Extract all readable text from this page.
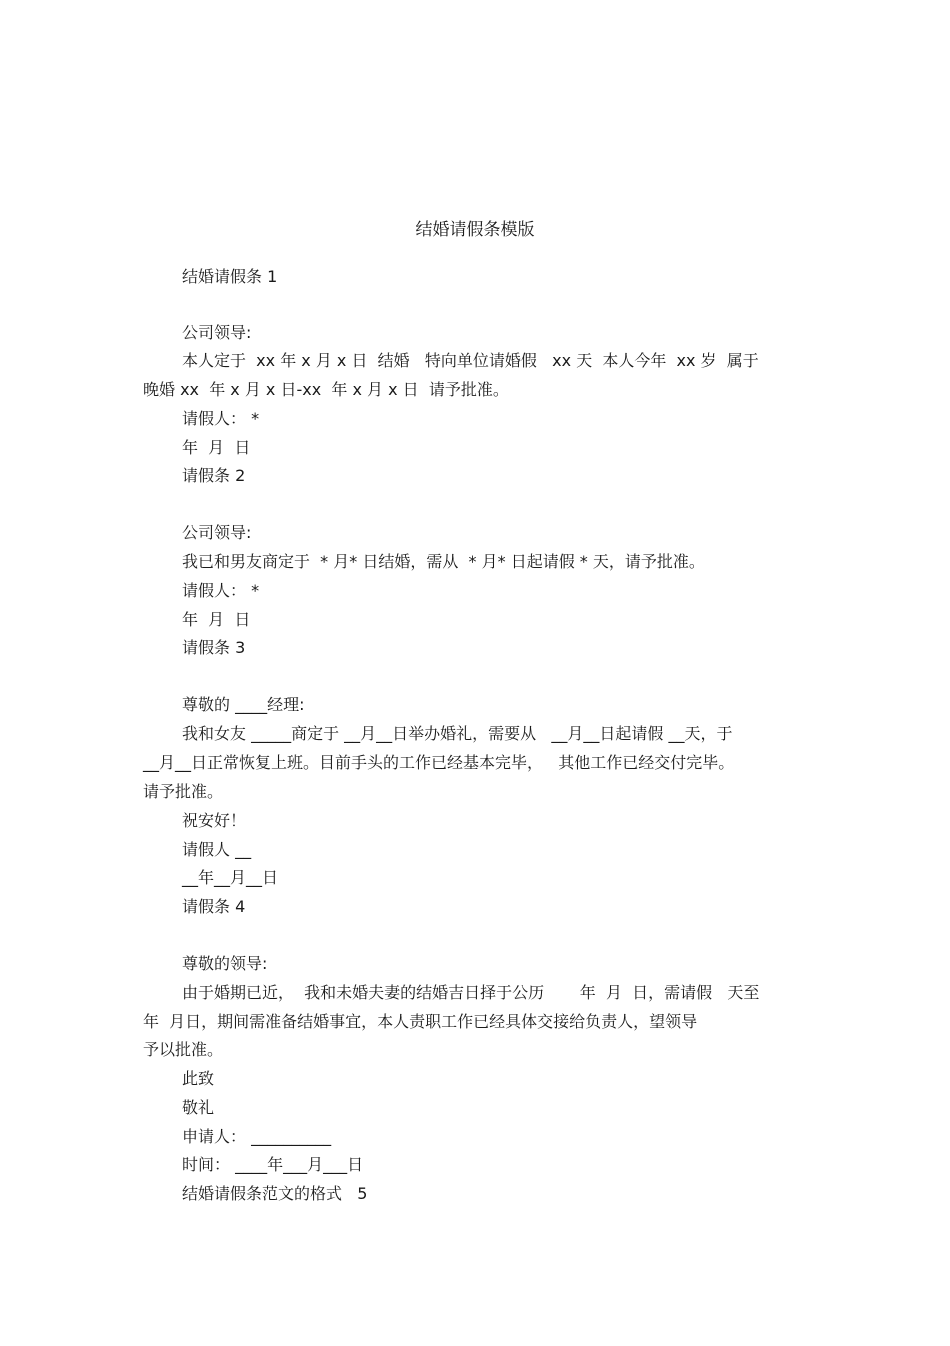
结婚请假条模版
结婚请假条 1
公司领导:
本人定于  xx 年 x 月 x 日  结婚   特向单位请婚假   xx 天  本人今年  xx 岁  属于
晚婚 xx  年 x 月 x 日-xx  年 x 月 x 日  请予批准。
请假人： *
年  月  日
请假条 2
公司领导:
我已和男友商定于  * 月* 日结婚，需从  * 月* 日起请假 * 天，请予批准。
请假人： *
年  月  日
请假条 3
尊敬的 ____经理:
我和女友 _____商定于 __月__日举办婚礼，需要从   __月__日起请假 __天，于
__月__日正常恢复上班。目前手头的工作已经基本完毕，   其他工作已经交付完毕。
请予批准。
祝安好！
请假人 __
__年__月__日
请假条 4
尊敬的领导:
由于婚期已近，  我和未婚夫妻的结婚吉日择于公历       年  月  日，需请假   天至
年  月日，期间需准备结婚事宜，本人责职工作已经具体交接给负责人，望领导
予以批准。
此致
敬礼
申请人： __________
时间： ____年___月___日
结婚请假条范文的格式   5
